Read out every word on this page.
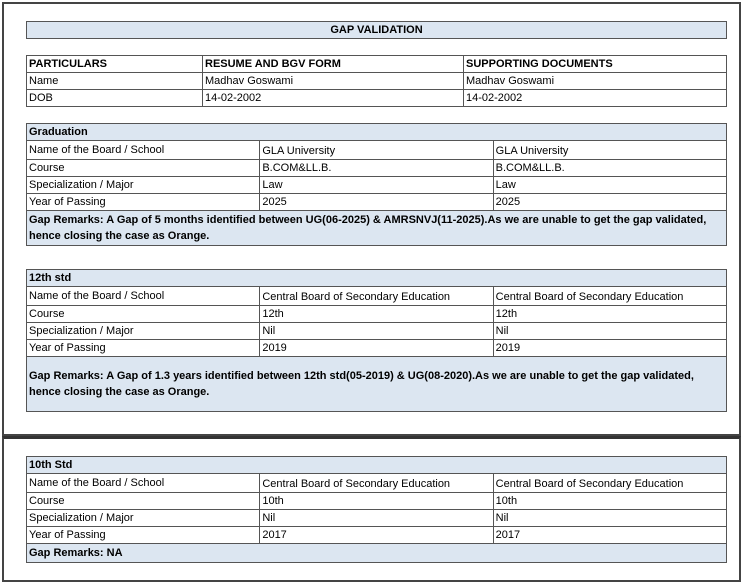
GAP VALIDATION
PARTICULARS	RESUME AND BGV FORM	SUPPORTING DOCUMENTS
Name	Madhav Goswami	Madhav Goswami
DOB	14-02-2002	14-02-2002
Graduation		
Name of the Board / School	GLA University	GLA University
Course	B.COM&LL.B.	B.COM&LL.B.
Specialization / Major	Law	Law
Year of Passing	2025	2025
Gap Remarks: A Gap of 5 months identified between UG(06-2025) & AMRSNVJ(11-2025).As we are unable to get the gap validated, hence closing the case as Orange.		
12th std		
Name of the Board / School	Central Board of Secondary Education	Central Board of Secondary Education
Course	12th	12th
Specialization / Major	Nil	Nil
Year of Passing	2019	2019
Gap Remarks: A Gap of 1.3 years identified between 12th std(05-2019) & UG(08-2020).As we are unable to get the gap validated, hence closing the case as Orange.		
10th Std		
Name of the Board / School	Central Board of Secondary Education	Central Board of Secondary Education
Course	10th	10th
Specialization / Major	Nil	Nil
Year of Passing	2017	2017
Gap Remarks: NA		
